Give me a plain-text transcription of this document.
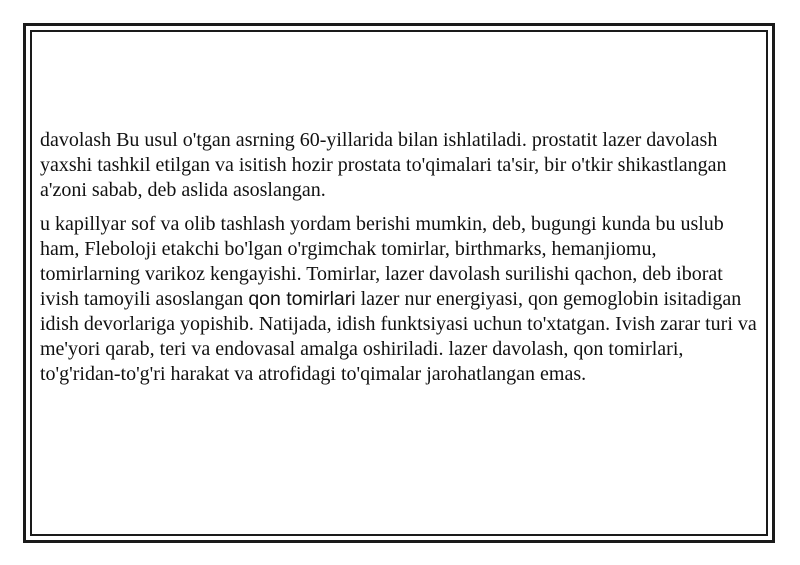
davolash Bu usul o'tgan asrning 60-yillarida bilan ishlatiladi. prostatit lazer davolash yaxshi tashkil etilgan va isitish hozir prostata to'qimalari ta'sir, bir o'tkir shikastlangan a'zoni sabab, deb aslida asoslangan.

u kapillyar sof va olib tashlash yordam berishi mumkin, deb, bugungi kunda bu uslub ham, Fleboloji etakchi bo'lgan o'rgimchak tomirlar, birthmarks, hemanjiomu, tomirlarning varikoz kengayishi. Tomirlar, lazer davolash surilishi qachon, deb iborat ivish tamoyili asoslangan qon tomirlari lazer nur energiyasi, qon gemoglobin isitadigan idish devorlariga yopishib. Natijada, idish funktsiyasi uchun to'xtatgan. Ivish zarar turi va me'yori qarab, teri va endovasal amalga oshiriladi. lazer davolash, qon tomirlari, to'g'ridan-to'g'ri harakat va atrofidagi to'qimalar jarohatlangan emas.
